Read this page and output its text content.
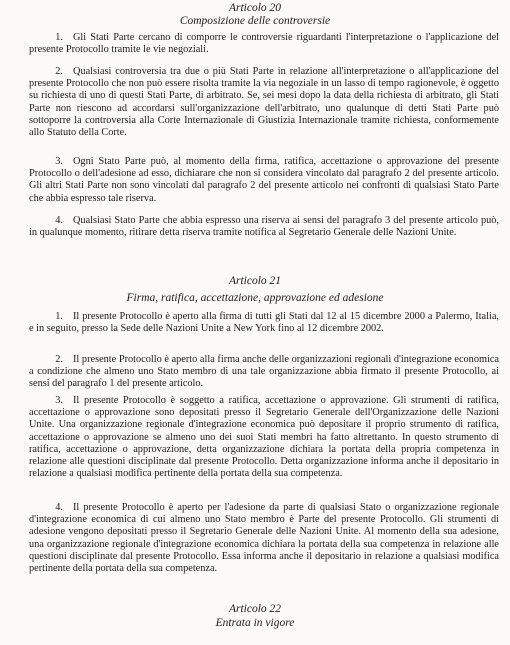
Articolo 20
Composizione delle controversie

1. Gli Stati Parte cercano di comporre le controversie riguardanti l'interpretazione o l'applicazione del presente Protocollo tramite le vie negoziali.

2. Qualsiasi controversia tra due o più Stati Parte in relazione all'interpretazione o all'applicazione del presente Protocollo che non può essere risolta tramite la via negoziale in un lasso di tempo ragionevole, è oggetto su richiesta di uno di questi Stati Parte, di arbitrato. Se, sei mesi dopo la data della richiesta di arbitrato, gli Stati Parte non riescono ad accordarsi sull'organizzazione dell'arbitrato, uno qualunque di detti Stati Parte può sottoporre la controversia alla Corte Internazionale di Giustizia Internazionale tramite richiesta, conformemente allo Statuto della Corte.

3. Ogni Stato Parte può, al momento della firma, ratifica, accettazione o approvazione del presente Protocollo o dell'adesione ad esso, dichiarare che non si considera vincolato dal paragrafo 2 del presente articolo. Gli altri Stati Parte non sono vincolati dal paragrafo 2 del presente articolo nei confronti di qualsiasi Stato Parte che abbia espresso tale riserva.

4. Qualsiasi Stato Parte che abbia espresso una riserva ai sensi del paragrafo 3 del presente articolo può, in qualunque momento, ritirare detta riserva tramite notifica al Segretario Generale delle Nazioni Unite.

Articolo 21
Firma, ratifica, accettazione, approvazione ed adesione

1. Il presente Protocollo è aperto alla firma di tutti gli Stati dal 12 al 15 dicembre 2000 a Palermo, Italia, e in seguito, presso la Sede delle Nazioni Unite a New York fino al 12 dicembre 2002.

2. Il presente Protocollo è aperto alla firma anche delle organizzazioni regionali d'integrazione economica a condizione che almeno uno Stato membro di una tale organizzazione abbia firmato il presente Protocollo, ai sensi del paragrafo 1 del presente articolo.

3. Il presente Protocollo è soggetto a ratifica, accettazione o approvazione. Gli strumenti di ratifica, accettazione o approvazione sono depositati presso il Segretario Generale dell'Organizzazione delle Nazioni Unite. Una organizzazione regionale d'integrazione economica può depositare il proprio strumento di ratifica, accettazione o approvazione se almeno uno dei suoi Stati membri ha fatto altrettanto. In questo strumento di ratifica, accettazione o approvazione, detta organizzazione dichiara la portata della propria competenza in relazione alle questioni disciplinate dal presente Protocollo. Detta organizzazione informa anche il depositario in relazione a qualsiasi modifica pertinente della portata della sua competenza.

4. Il presente Protocollo è aperto per l'adesione da parte di qualsiasi Stato o organizzazione regionale d'integrazione economica di cui almeno uno Stato membro è Parte del presente Protocollo. Gli strumenti di adesione vengono depositati presso il Segretario Generale delle Nazioni Unite. Al momento della sua adesione, una organizzazione regionale d'integrazione economica dichiara la portata della sua competenza in relazione alle questioni disciplinate dal presente Protocollo. Essa informa anche il depositario in relazione a qualsiasi modifica pertinente della portata della sua competenza.

Articolo 22
Entrata in vigore
